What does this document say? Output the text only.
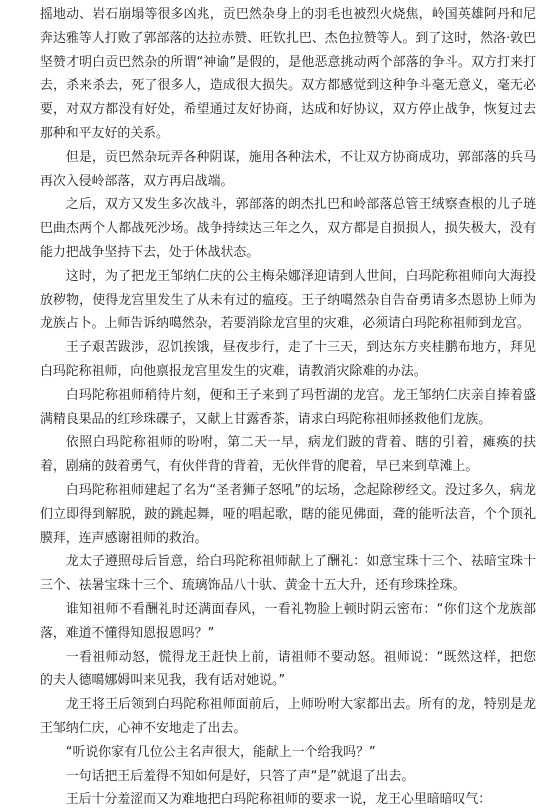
摇地动、岩石崩塌等很多凶兆，贡巴然杂身上的羽毛也被烈火烧焦，岭国英雄阿丹和尼奔达雅等人打败了郭部落的达拉赤赞、旺钦扎巴、杰色拉赞等人。到了这时，然洛·敦巴坚赞才明白贡巴然杂的所谓“神谕”是假的，是他恶意挑动两个部落的争斗。双方打来打去，杀来杀去，死了很多人，造成很大损失。双方都感觉到这种争斗毫无意义，毫无必要，对双方都没有好处，希望通过友好协商，达成和好协议，双方停止战争，恢复过去那种和平友好的关系。

但是，贡巴然杂玩弄各种阴谋，施用各种法术，不让双方协商成功，郭部落的兵马再次入侵岭部落，双方再启战端。

之后，双方又发生多次战斗，郭部落的朗杰扎巴和岭部落总管王绒察查根的儿子琏巴曲杰两个人都战死沙场。战争持续达三年之久，双方都是自损损人，损失极大，没有能力把战争坚持下去，处于休战状态。

这时，为了把龙王邹纳仁庆的公主梅朵娜泽迎请到人世间，白玛陀称祖师向大海投放秽物，使得龙宫里发生了从未有过的瘟疫。王子纳噶然杂自告奋勇请多杰恩协上师为龙族占卜。上师告诉纳噶然杂，若要消除龙宫里的灾难，必须请白玛陀称祖师到龙宫。

王子艰苦跋涉，忍饥挨饿，昼夜步行，走了十三天，到达东方夹桂鹏布地方，拜见白玛陀称祖师，向他禀报龙宫里发生的灾难，请教消灾除难的办法。

白玛陀称祖师稍待片刻，便和王子来到了玛哲湖的龙宫。龙王邹纳仁庆亲自捧着盛满精良果品的红珍珠碟子，又献上甘露香茶，请求白玛陀称祖师拯救他们龙族。

依照白玛陀称祖师的吩咐，第二天一早，病龙们跛的背着、瞎的引着，瘫痪的扶着，剧痛的鼓着勇气，有伙伴背的背着，无伙伴背的爬着，早已来到草滩上。

白玛陀称祖师建起了名为“圣者狮子怒吼”的坛场，念起除秽经文。没过多久，病龙们立即得到解脱，跛的跳起舞，哑的唱起歌，瞎的能见佛面，聋的能听法音，个个顶礼膜拜，连声感谢祖师的救治。

龙太子遵照母后旨意，给白玛陀称祖师献上了酬礼：如意宝珠十三个、祛暗宝珠十三个、祛暑宝珠十三个、琉璃饰品八十驮、黄金十五大升，还有珍珠拴珠。

谁知祖师不看酬礼时还满面春风，一看礼物脸上顿时阴云密布：“你们这个龙族部落，难道不懂得知恩报恩吗？”

一看祖师动怒，慌得龙王赶快上前，请祖师不要动怒。祖师说：“既然这样，把您的夫人德噶娜姆叫来见我，我有话对她说。”

龙王将王后领到白玛陀称祖师面前后，上师吩咐大家都出去。所有的龙，特别是龙王邹纳仁庆，心神不安地走了出去。

“听说你家有几位公主名声很大，能献上一个给我吗？”

一句话把王后羞得不知如何是好，只答了声“是”就退了出去。

王后十分羞涩而又为难地把白玛陀称祖师的要求一说，龙王心里暗暗叹气：
